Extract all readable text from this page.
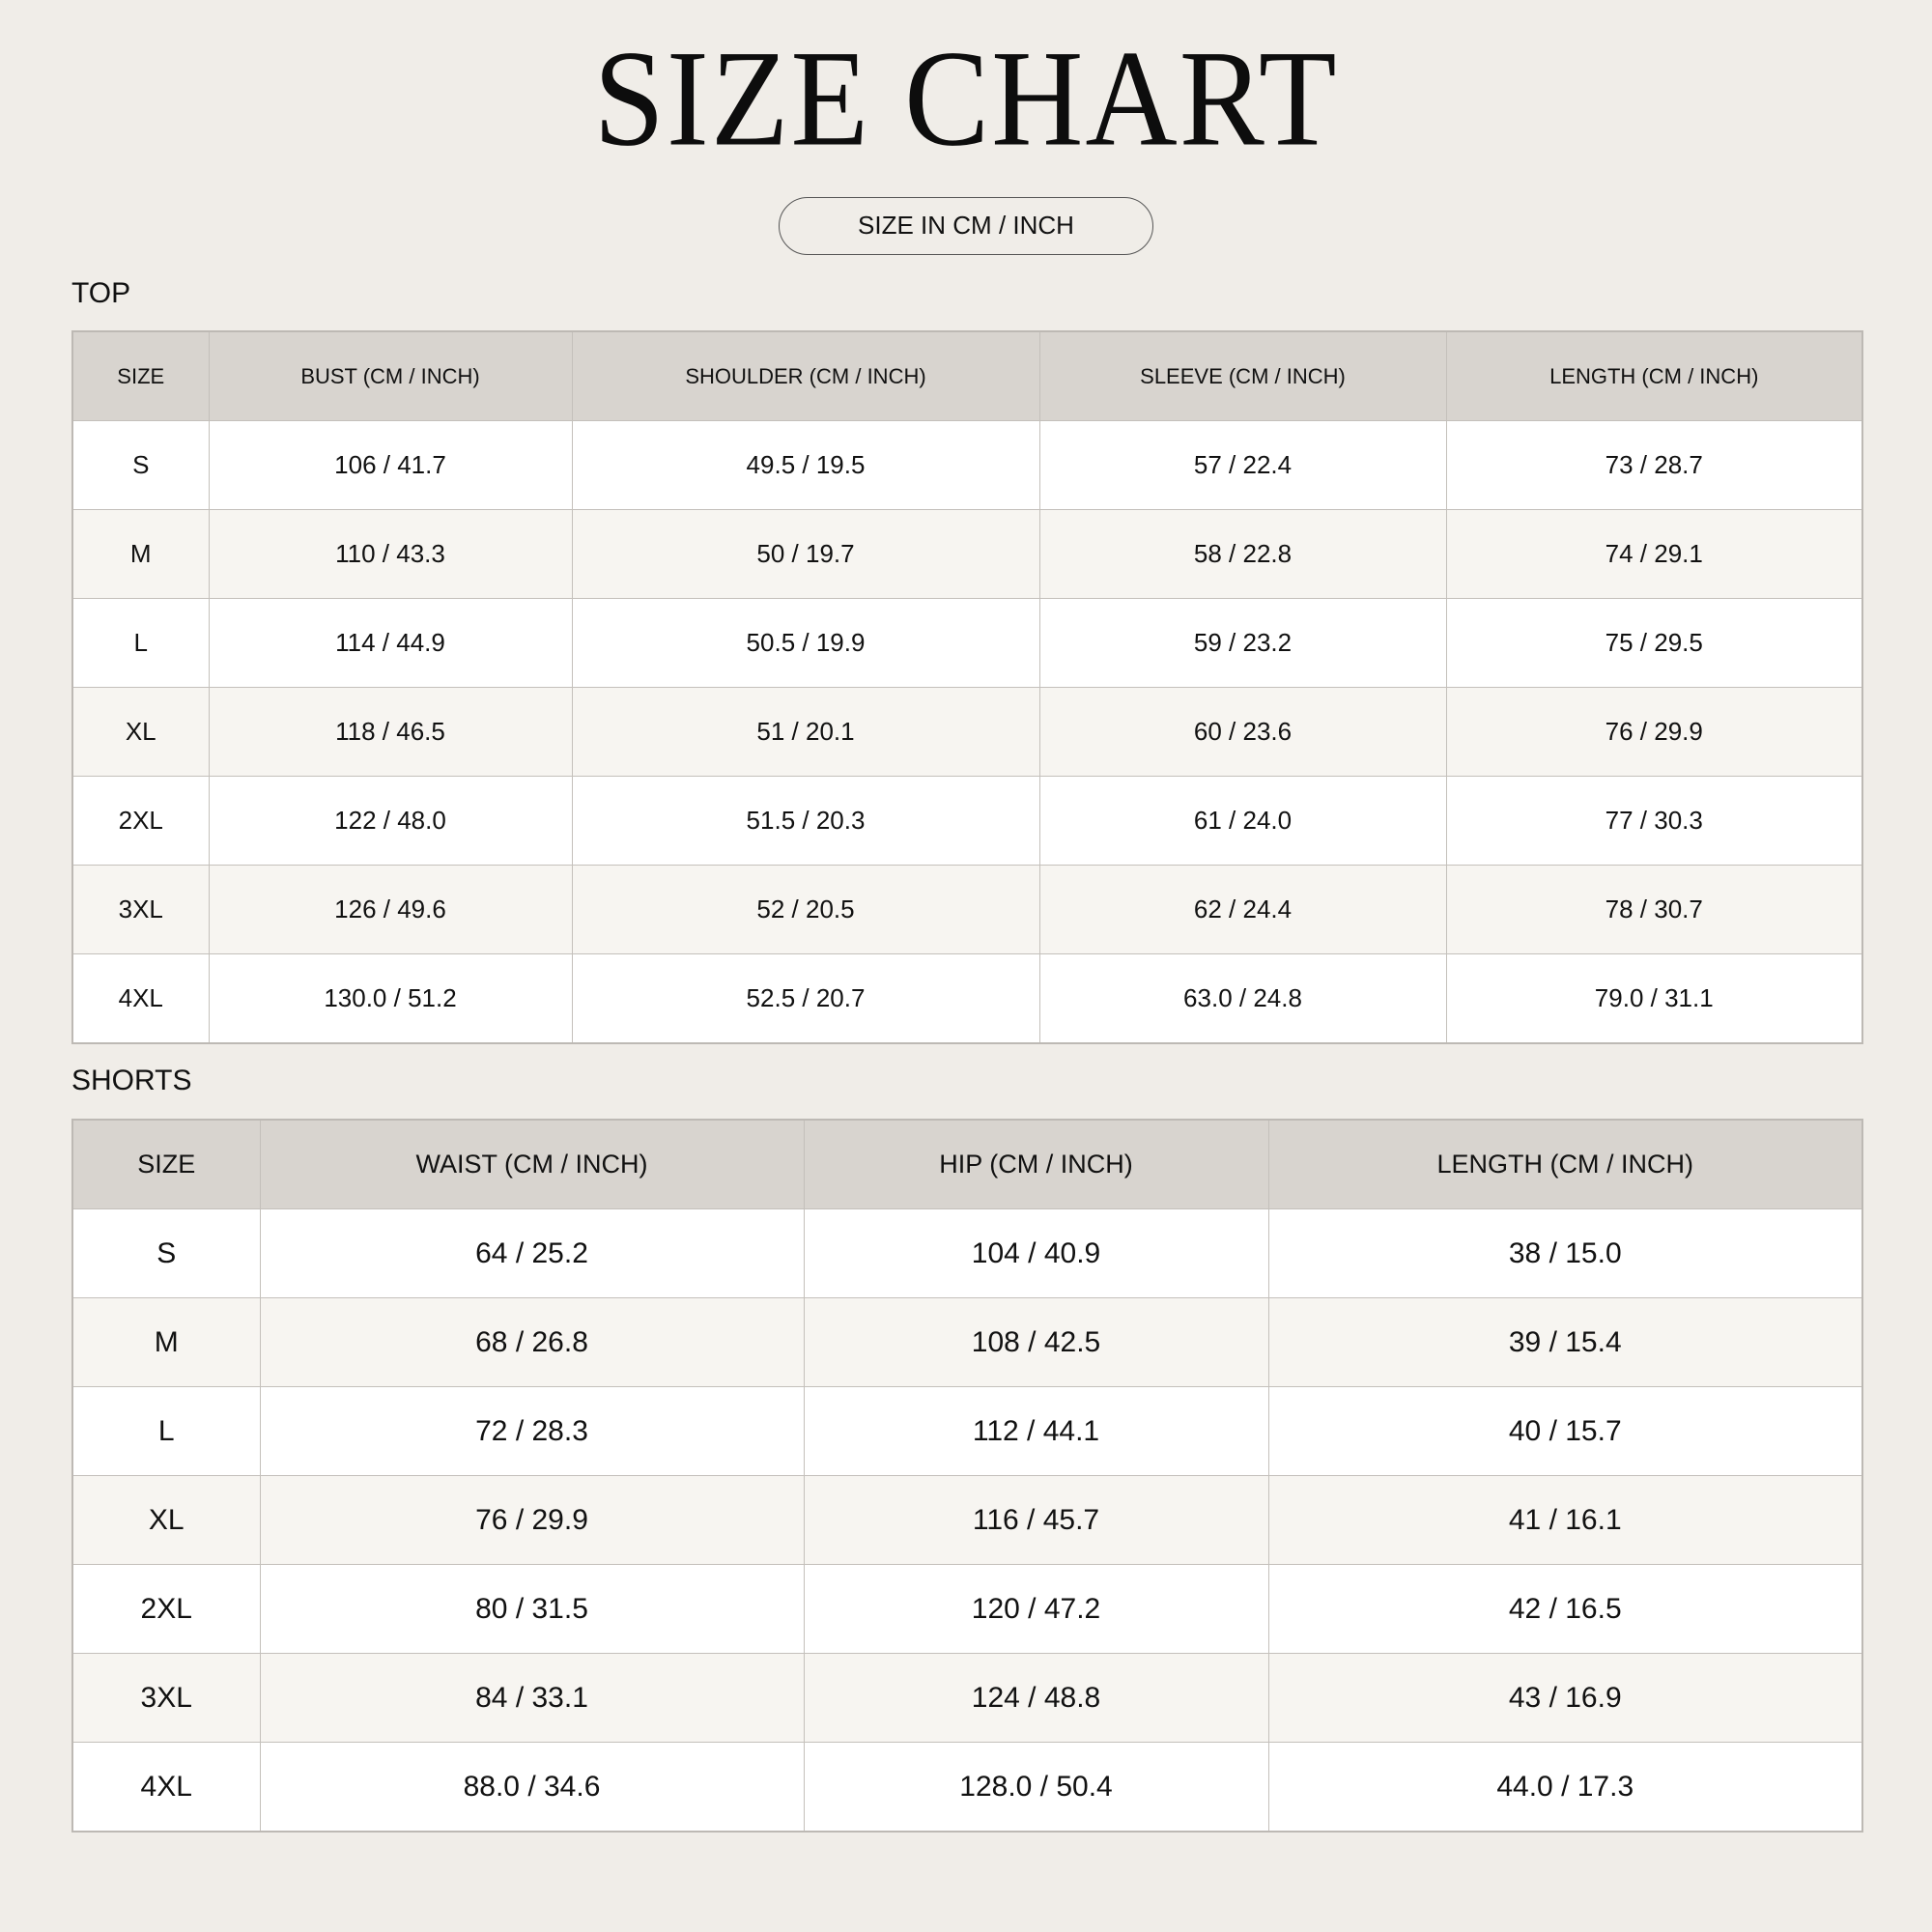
SIZE CHART
SIZE IN CM / INCH
TOP
SIZE	BUST (CM / INCH)	SHOULDER (CM / INCH)	SLEEVE (CM / INCH)	LENGTH (CM / INCH)
S	106 / 41.7	49.5 / 19.5	57 / 22.4	73 / 28.7
M	110 / 43.3	50 / 19.7	58 / 22.8	74 / 29.1
L	114 / 44.9	50.5 / 19.9	59 / 23.2	75 / 29.5
XL	118 / 46.5	51 / 20.1	60 / 23.6	76 / 29.9
2XL	122 / 48.0	51.5 / 20.3	61 / 24.0	77 / 30.3
3XL	126 / 49.6	52 / 20.5	62 / 24.4	78 / 30.7
4XL	130.0 / 51.2	52.5 / 20.7	63.0 / 24.8	79.0 / 31.1
SHORTS
SIZE	WAIST (CM / INCH)	HIP (CM / INCH)	LENGTH (CM / INCH)
S	64 / 25.2	104 / 40.9	38 / 15.0
M	68 / 26.8	108 / 42.5	39 / 15.4
L	72 / 28.3	112 / 44.1	40 / 15.7
XL	76 / 29.9	116 / 45.7	41 / 16.1
2XL	80 / 31.5	120 / 47.2	42 / 16.5
3XL	84 / 33.1	124 / 48.8	43 / 16.9
4XL	88.0 / 34.6	128.0 / 50.4	44.0 / 17.3
